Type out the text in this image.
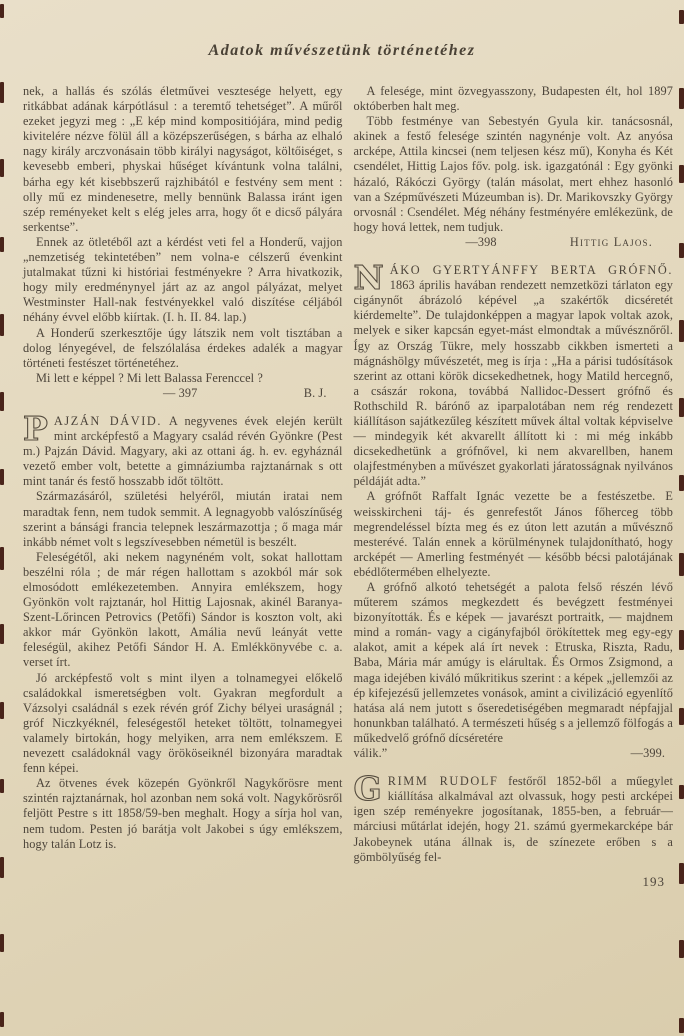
Adatok művészetünk történetéhez

nek, a hallás és szólás életművei vesztesége helyett, egy ritkábbat adának kárpótlásul : a teremtő tehetséget”. A műről ezeket jegyzi meg : „E kép mind kompositiójára, mind pedig kivitelére nézve fölül áll a középszerűségen, s bárha az elhaló nagy király arczvonásain több királyi nagyságot, költőiséget, s kevesebb emberi, physkai hűséget kívántunk volna találni, bárha egy két kisebbszerű rajzhibától e festvény sem ment : olly mű ez mindenesetre, melly bennünk Balassa iránt igen szép reményeket kelt s elég jeles arra, hogy őt e dicső pályára serkentse”.

Ennek az ötletéből azt a kérdést veti fel a Honderű, vajjon „nemzetiség tekintetében” nem volna-e célszerű évenkint jutalmakat tűzni ki históriai festményekre ? Arra hivatkozik, hogy mily eredménynyel járt az az angol pályázat, melyet Westminster Hall-nak festvényekkel való diszítése céljából néhány évvel előbb kiírtak. (I. h. II. 84. lap.)

A Honderű szerkesztője úgy látszik nem volt tisztában a dolog lényegével, de felszólalása érdekes adalék a magyar történeti festészet történetéhez.

Mi lett e képpel ? Mi lett Balassa Ferenccel ?

— 397	B. J.

PAJZÁN DÁVID. A negyvenes évek elején került mint arcképfestő a Magyary család révén Gyönkre (Pest m.) Pajzán Dávid. Magyary, aki az ottani ág. h. ev. egyháznál vezető ember volt, betette a gimnáziumba rajztanárnak s ott mint tanár és festő hosszabb időt töltött.

Származásáról, születési helyéről, miután iratai nem maradtak fenn, nem tudok semmit. A legnagyobb valószínűség szerint a bánsági francia telepnek leszármazottja ; ő maga már inkább német volt s legszívesebben németül is beszélt.

Feleségétől, aki nekem nagynéném volt, sokat hallottam beszélni róla ; de már régen hallottam s azokból már sok elmosódott emlékezetemben. Annyira emlékszem, hogy Gyönkön volt rajztanár, hol Hittig Lajosnak, akinél Baranya-Szent-Lőrincen Petrovics (Petőfi) Sándor is koszton volt, aki akkor már Gyönkön lakott, Amália nevű leányát vette feleségül, akihez Petőfi Sándor H. A. Emlékkönyvébe c. a. verset írt.

Jó arcképfestő volt s mint ilyen a tolnamegyei előkelő családokkal ismeretségben volt. Gyakran megfordult a Vázsolyi családnál s ezek révén gróf Zichy bélyei uraságnál ; gróf Niczkyéknél, feleségestől heteket töltött, tolnamegyei valamely birtokán, hogy melyiken, arra nem emlékszem. E nevezett családoknál vagy örököseiknél bizonyára maradtak fenn képei.

Az ötvenes évek közepén Gyönkről Nagykőrösre ment szintén rajztanárnak, hol azonban nem soká volt. Nagykőrösről feljött Pestre s itt 1858/59-ben meghalt. Hogy a sírja hol van, nem tudom. Pesten jó barátja volt Jakobei s úgy emlékszem, hogy talán Lotz is.

A felesége, mint özvegyasszony, Budapesten élt, hol 1897 októberben halt meg.

Több festménye van Sebestyén Gyula kir. tanácsosnál, akinek a festő felesége szintén nagynénje volt. Az anyósa arcképe, Attila kincsei (nem teljesen kész mű), Konyha és Két csendélet, Hittig Lajos főv. polg. isk. igazgatónál : Egy gyönki házaló, Rákóczi György (talán másolat, mert ehhez hasonló van a Szépművészeti Múzeumban is). Dr. Marikovszky György orvosnál : Csendélet. Még néhány festményére emlékezünk, de hogy hová lettek, nem tudjuk.

—398	Hittig Lajos.

NÁKO GYERTYÁNFFY BERTA GRÓFNŐ. 1863 április havában rendezett nemzetközi tárlaton egy cigánynőt ábrázoló képével „a szakértők dicséretét kiérdemelte”. De tulajdonképpen a magyar lapok voltak azok, melyek e siker kapcsán egyet-mást elmondtak a művésznőről. Így az Ország Tükre, mely hosszabb cikkben ismerteti a mágnáshölgy művészetét, meg is írja : „Ha a párisi tudósítások szerint az ottani körök dicsekedhetnek, hogy Matild hercegnő, a császár rokona, továbbá Nallidoc-Dessert grófnő és Rothschild R. bárónő az iparpalotában nem rég rendezett kiállításon sajátkezűleg készített művek által voltak képviselve — mindegyik két akvarellt állított ki : mi még inkább dicsekedhetünk a grófnővel, ki nem akvarellben, hanem olajfestményben a művészet gyakorlati járatosságnak nyilvános példáját adta.”

A grófnőt Raffalt Ignác vezette be a festészetbe. E weisskircheni táj- és genrefestőt János főherceg több megrendeléssel bízta meg és ez úton lett azután a művésznő mesterévé. Talán ennek a körülménynek tulajdonítható, hogy arcképét — Amerling festményét — később bécsi palotájának ebédlőtermében elhelyezte.

A grófnő alkotó tehetségét a palota felső részén lévő műterem számos megkezdett és bevégzett festményei bizonyították. És e képek — javarészt portraitk, — majdnem mind a román- vagy a cigányfajból örökítettek meg egy-egy alakot, amit a képek alá írt nevek : Etruska, Riszta, Radu, Baba, Mária már amúgy is elárultak. És Ormos Zsigmond, a maga idejében kiváló műkritikus szerint : a képek „jellemzői az ép kifejezésű jellemzetes vonások, amint a civilizáció egyenlítő hatása alá nem jutott s őseredetiségében megmaradt népfajjal honunkban található. A természeti hűség s a jellemző fölfogás a műkedvelő grófnő dícséretére

válik.”	—399.

GRIMM RUDOLF festőről 1852-ből a műegylet kiállítása alkalmával azt olvassuk, hogy pesti arcképei igen szép reményekre jogosítanak, 1855-ben, a február—márciusi műtárlat idején, hogy 21. számú gyermekarcképe bár Jakobeynek utána állnak is, de színezete erőben s a gömbölyűség fel-

193
